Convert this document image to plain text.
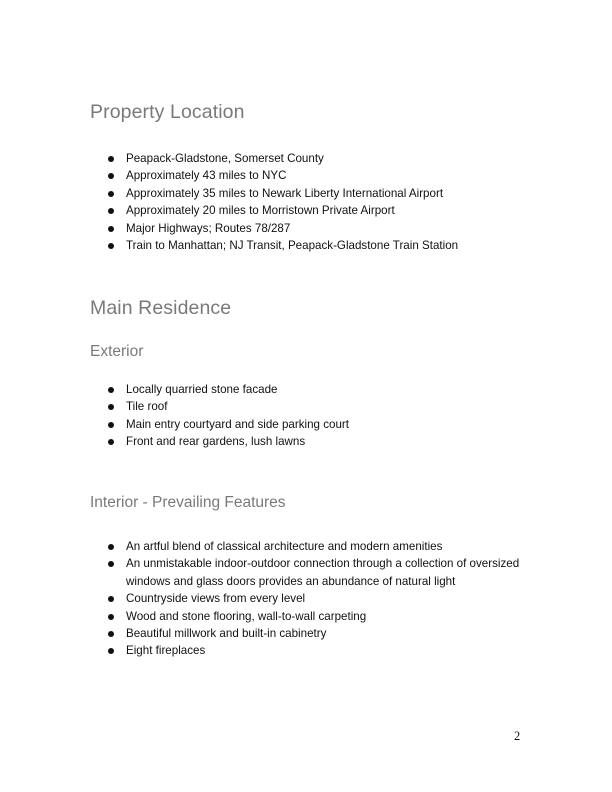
Property Location
Peapack-Gladstone, Somerset County
Approximately 43 miles to NYC
Approximately 35 miles to Newark Liberty International Airport
Approximately 20 miles to Morristown Private Airport
Major Highways; Routes 78/287
Train to Manhattan; NJ Transit, Peapack-Gladstone Train Station
Main Residence
Exterior
Locally quarried stone facade
Tile roof
Main entry courtyard and side parking court
Front and rear gardens, lush lawns
Interior - Prevailing Features
An artful blend of classical architecture and modern amenities
An unmistakable indoor-outdoor connection through a collection of oversized windows and glass doors provides an abundance of natural light
Countryside views from every level
Wood and stone flooring, wall-to-wall carpeting
Beautiful millwork and built-in cabinetry
Eight fireplaces
2
